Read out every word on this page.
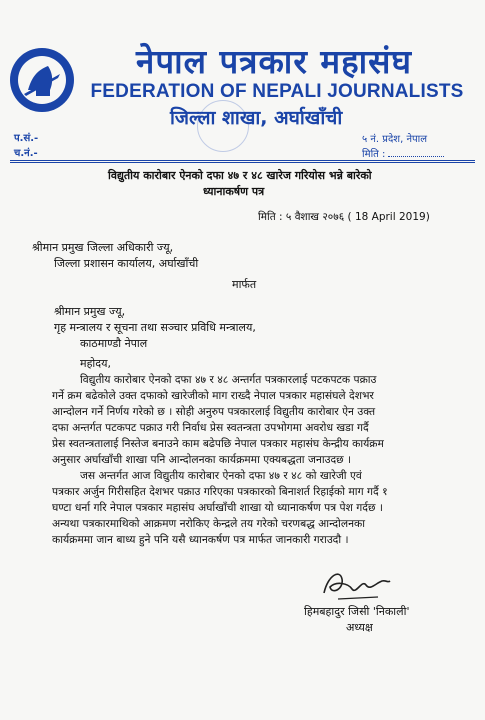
नेपाल पत्रकार महासंघ
FEDERATION OF NEPALI JOURNALISTS
जिल्ला शाखा, अर्घाखाँची
प.सं.-
च.नं.-
५ नं. प्रदेश, नेपाल
मिति :
विद्युतीय कारोबार ऐनको दफा ४७ र ४८ खारेज गरियोस भन्ने बारेको
ध्यानाकर्षण पत्र
मिति : ५ वैशाख २०७६ ( 18 April 2019)
श्रीमान प्रमुख जिल्ला अधिकारी ज्यू,
जिल्ला प्रशासन कार्यालय, अर्घाखाँची
मार्फत
श्रीमान प्रमुख ज्यू,
गृह मन्त्रालय र सूचना तथा सञ्चार प्रविधि मन्त्रालय,
काठमाण्डौ नेपाल
महोदय,
विद्युतीय कारोबार ऐनको दफा ४७ र ४८ अन्तर्गत पत्रकारलाई पटकपटक पक्राउ
गर्ने क्रम बढेकोले उक्त दफाको खारेजीको माग राख्दै नेपाल पत्रकार महासंघले देशभर
आन्दोलन गर्ने निर्णय गरेको छ । सोही अनुरुप पत्रकारलाई विद्युतीय कारोबार ऐन उक्त
दफा अन्तर्गत पटकपट पक्राउ गरी निर्वाध प्रेस स्वतन्त्रता उपभोगमा अवरोध खडा गर्दै
प्रेस स्वतन्त्रतालाई निस्तेज बनाउने काम बढेपछि नेपाल पत्रकार महासंघ केन्द्रीय कार्यक्रम
अनुसार अर्घाखाँची शाखा पनि आन्दोलनका कार्यक्रममा एक्यबद्धता जनाउदछ ।
जस अन्तर्गत आज विद्युतीय कारोबार ऐनको दफा ४७ र ४८ को खारेजी एवं
पत्रकार अर्जुन गिरीसहित देशभर पक्राउ गरिएका पत्रकारको बिनाशर्त रिहाईको माग गर्दै १
घण्टा धर्ना गरि नेपाल पत्रकार महासंघ अर्घाखाँची शाखा यो ध्यानाकर्षण पत्र पेश गर्दछ ।
अन्यथा पत्रकारमाथिको आक्रमण नरोकिए केन्द्रले तय गरेको चरणबद्ध आन्दोलनका
कार्यक्रममा जान बाध्य हुने पनि यसै ध्यानकर्षण पत्र मार्फत जानकारी गराउदौ ।
हिमबहादुर जिसी 'निकाली'
अध्यक्ष
